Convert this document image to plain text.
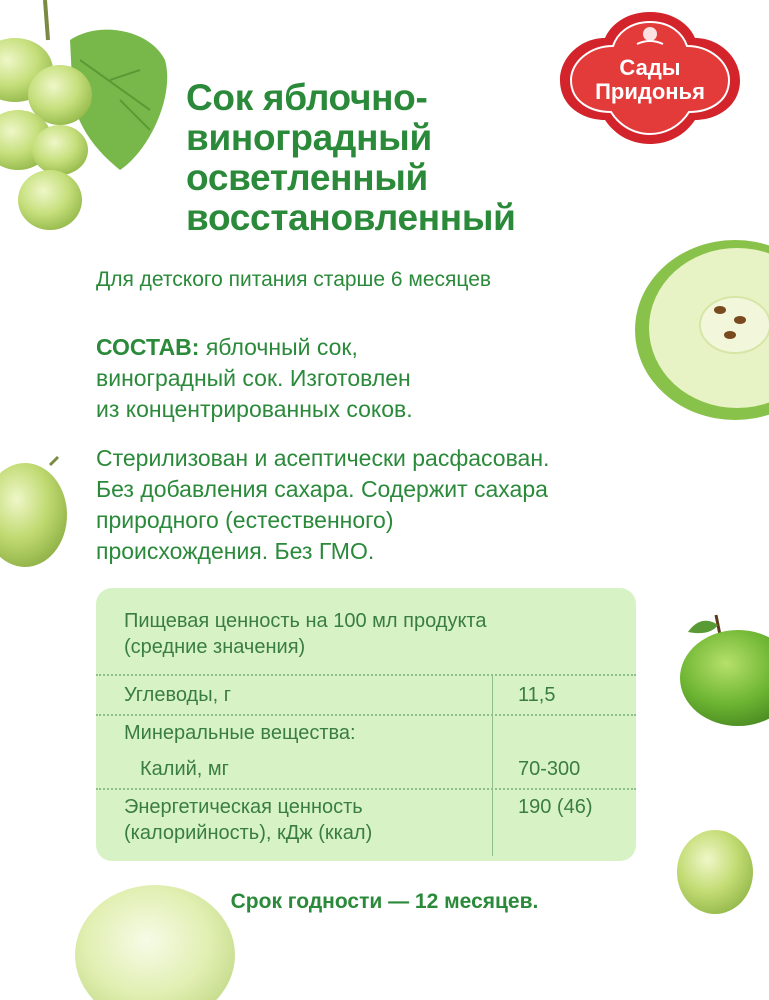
Сады
Придонья
Сок яблочно-
виноградный
осветленный
восстановленный
Для детского питания старше 6 месяцев
СОСТАВ: яблочный сок,
виноградный сок. Изготовлен
из концентрированных соков.
Стерилизован и асептически расфасован.
Без добавления сахара. Содержит сахара
природного (естественного)
происхождения. Без ГМО.
Пищевая ценность на 100 мл продукта
(средние значения)
Углеводы, г	11,5
Минеральные вещества:
Калий, мг	70-300
Энергетическая ценность
(калорийность), кДж (ккал)
190 (46)
Срок годности — 12 месяцев.
